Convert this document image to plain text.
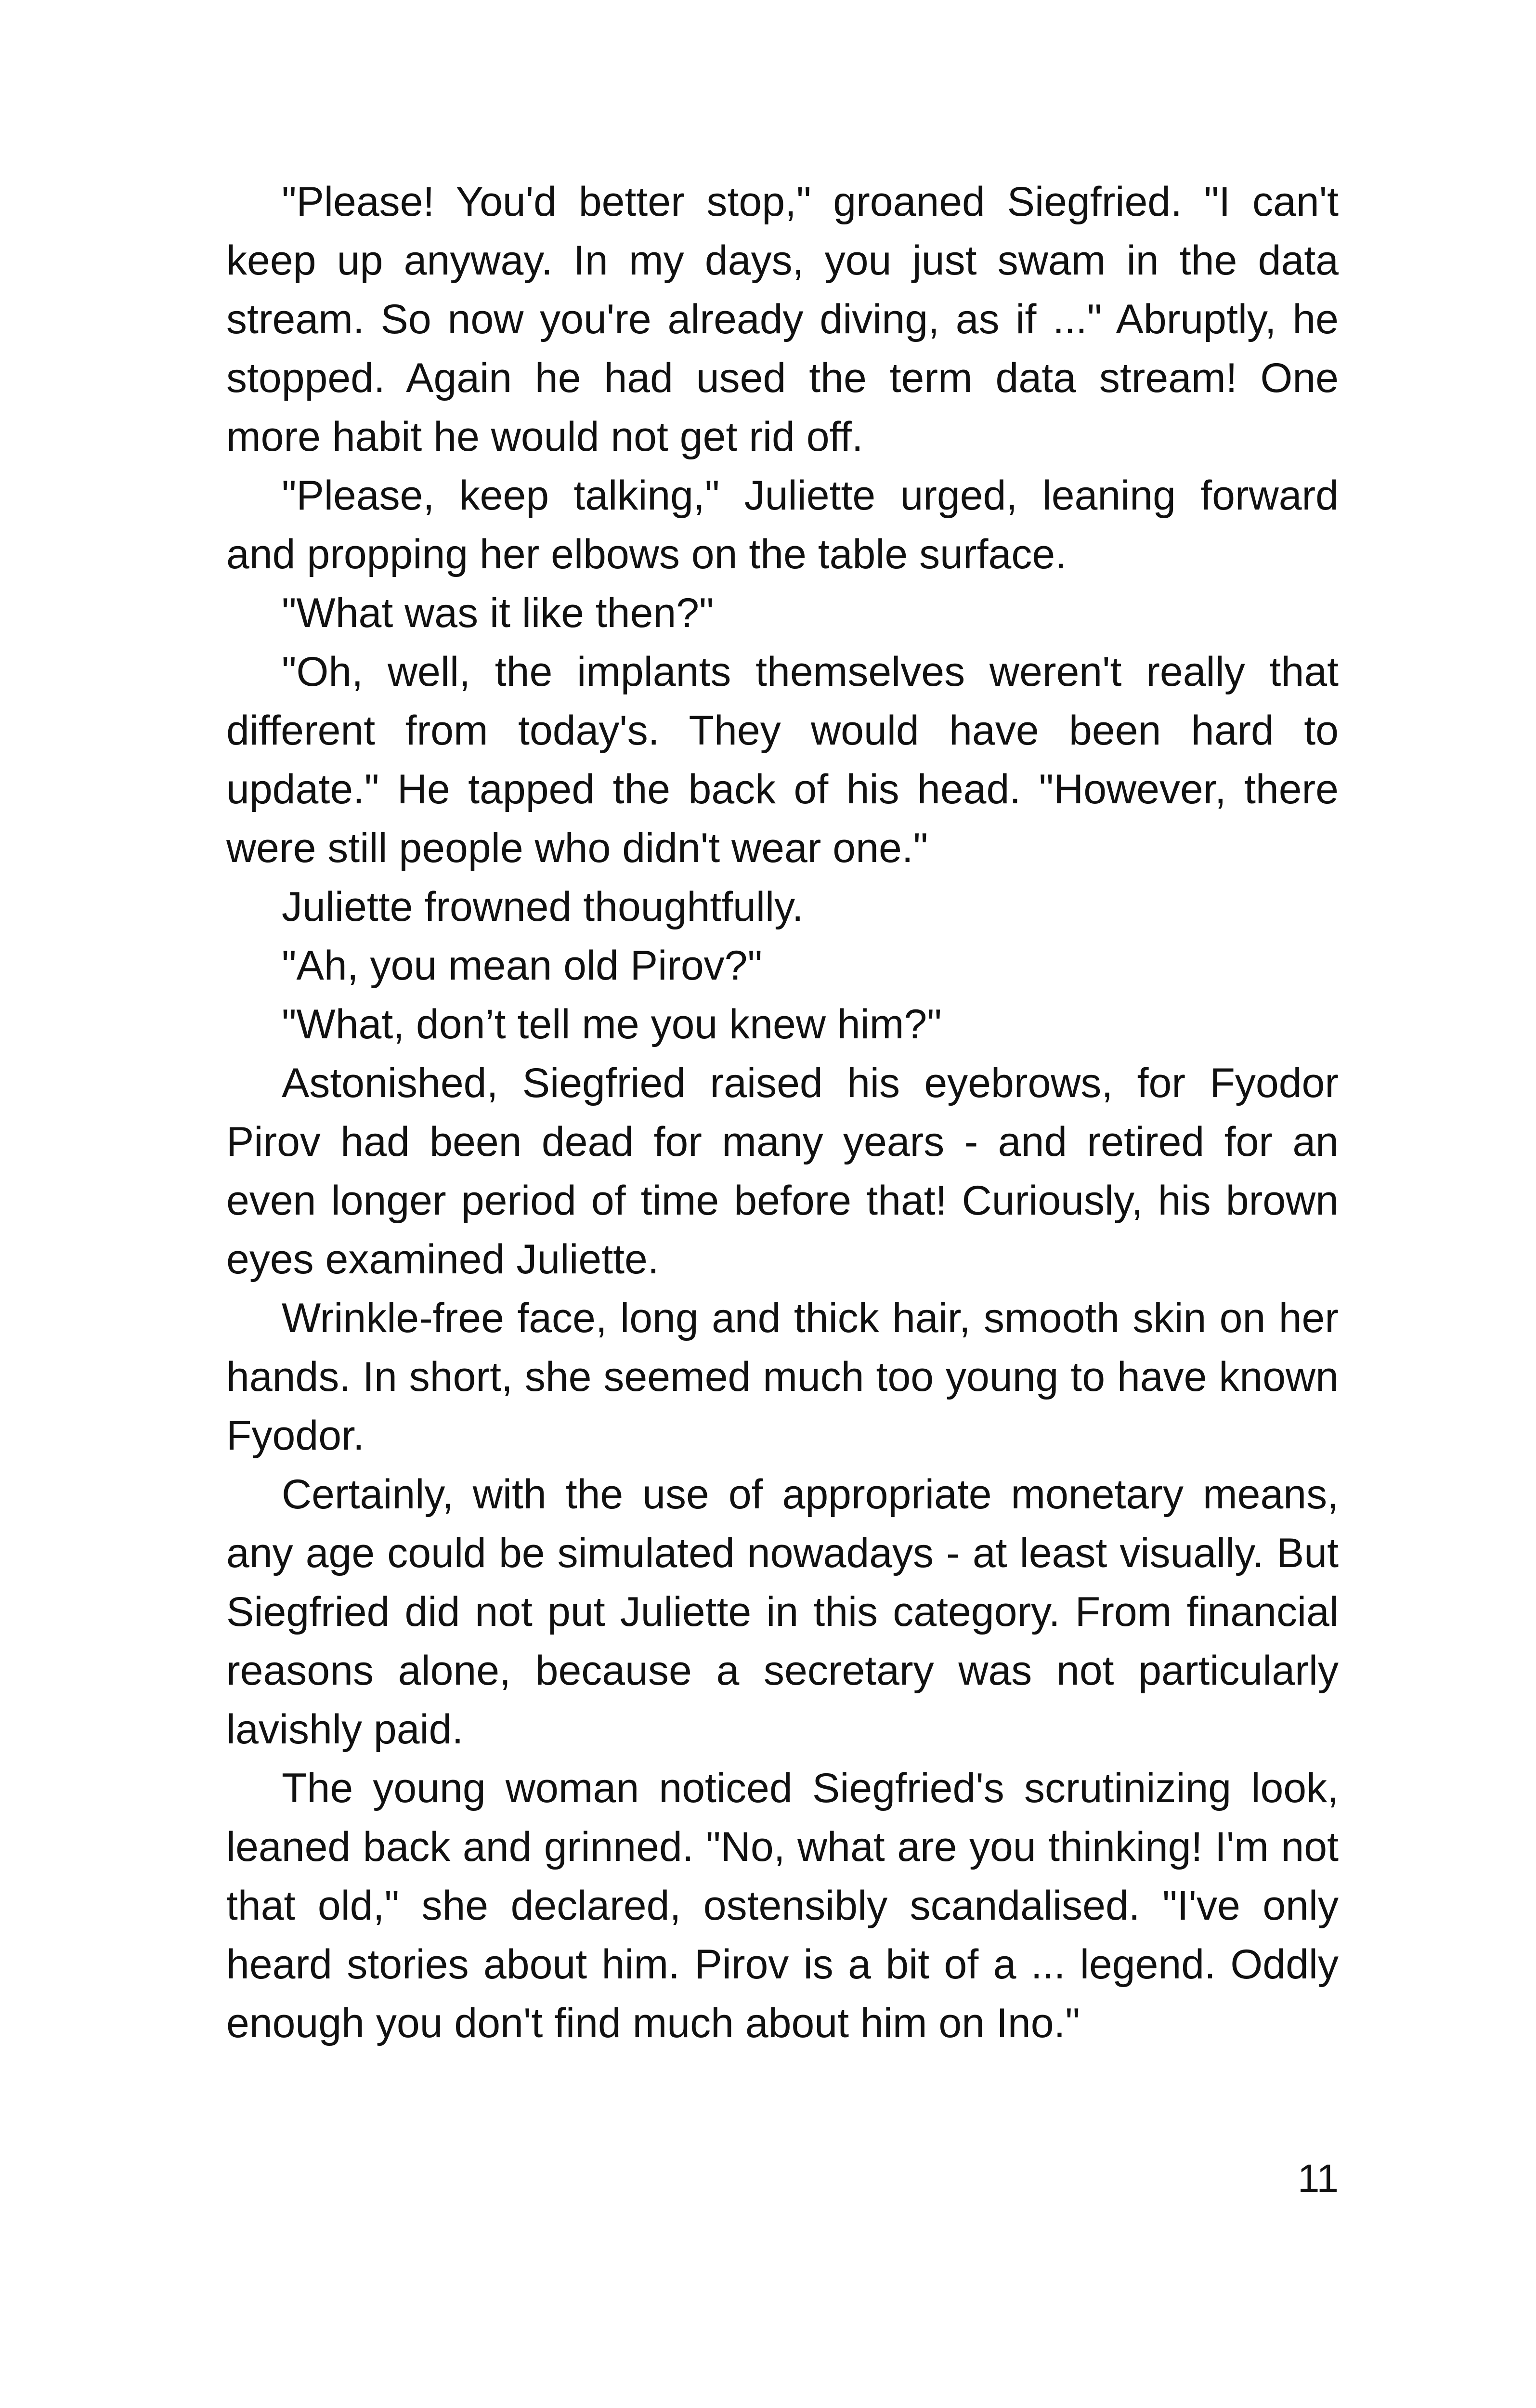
"Please! You'd better stop," groaned Siegfried. "I can't keep up anyway. In my days, you just swam in the data stream. So now you're already diving, as if ..." Abruptly, he stopped. Again he had used the term data stream! One more habit he would not get rid off.

"Please, keep talking," Juliette urged, leaning forward and propping her elbows on the table surface.

"What was it like then?"

"Oh, well, the implants themselves weren't really that different from today's. They would have been hard to update." He tapped the back of his head. "However, there were still people who didn't wear one."

Juliette frowned thoughtfully.

"Ah, you mean old Pirov?"

"What, don’t tell me you knew him?"

Astonished, Siegfried raised his eyebrows, for Fyodor Pirov had been dead for many years - and retired for an even longer period of time before that! Curiously, his brown eyes examined Juliette.

Wrinkle-free face, long and thick hair, smooth skin on her hands. In short, she seemed much too young to have known Fyodor.

Certainly, with the use of appropriate monetary means, any age could be simulated nowadays - at least visually. But Siegfried did not put Juliette in this category. From financial reasons alone, because a secretary was not particularly lavishly paid.

The young woman noticed Siegfried's scrutinizing look, leaned back and grinned. "No, what are you thinking! I'm not that old," she declared, ostensibly scandalised. "I've only heard stories about him. Pirov is a bit of a ... legend. Oddly enough you don't find much about him on Ino."

11
